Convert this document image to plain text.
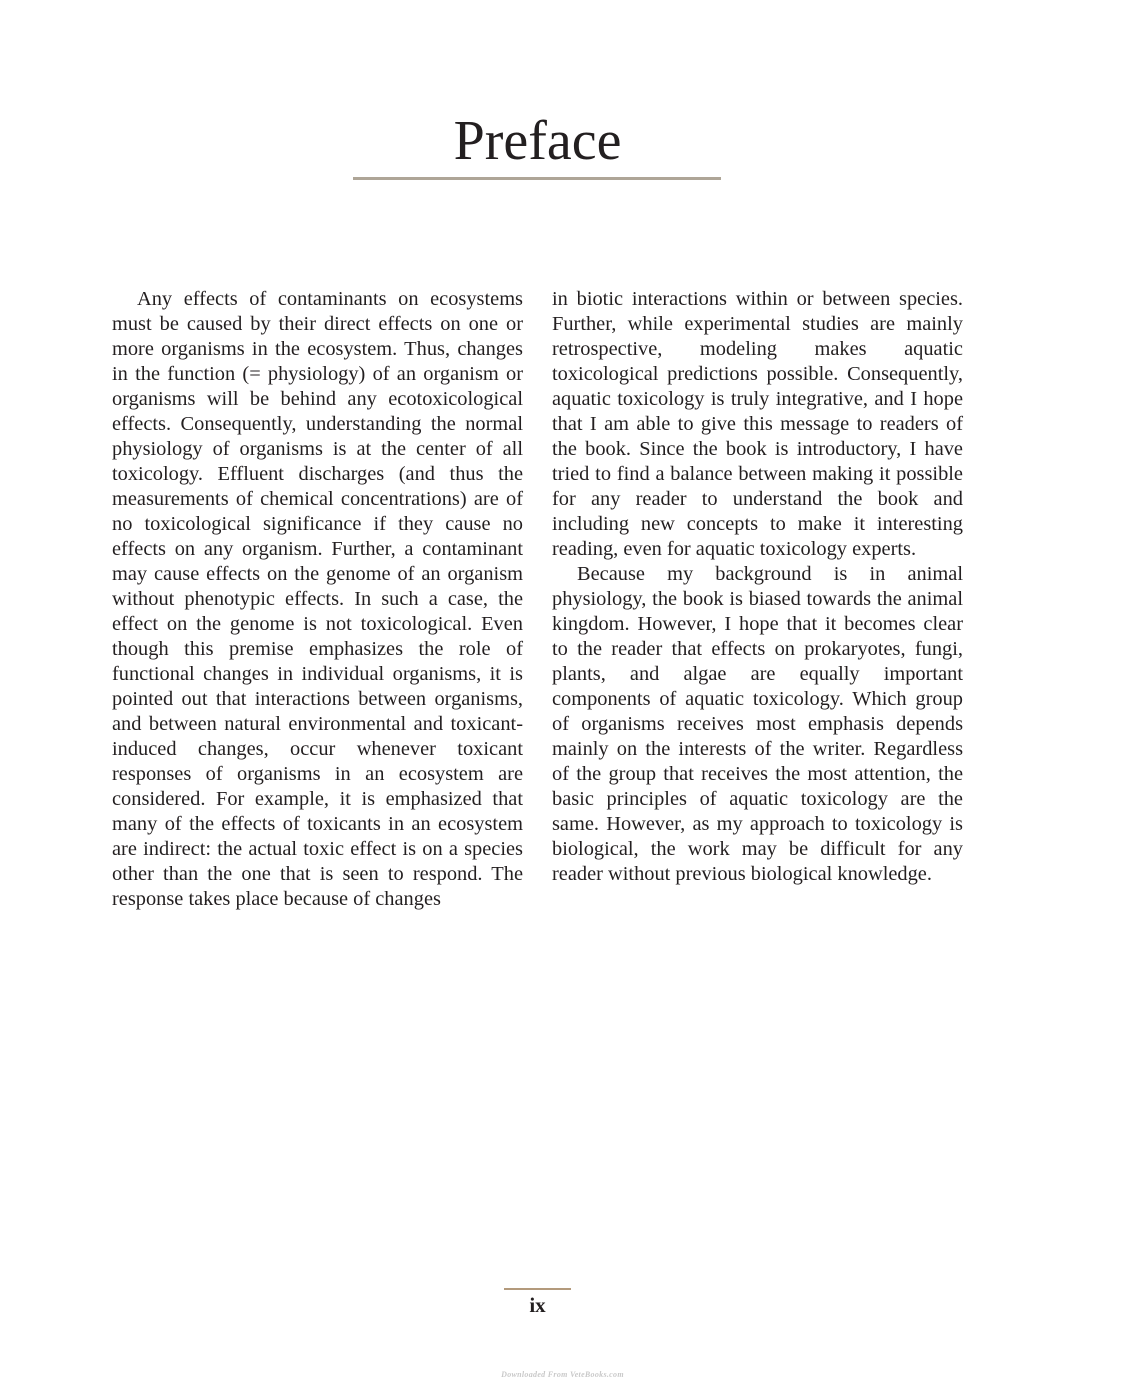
Preface

Any effects of contaminants on ecosystems must be caused by their direct effects on one or more organisms in the ecosystem. Thus, changes in the function (= physiology) of an organism or organisms will be behind any ecotoxicological effects. Consequently, understanding the normal physiology of organisms is at the center of all toxicology. Effluent discharges (and thus the measurements of chemical concentrations) are of no toxicological significance if they cause no effects on any organism. Further, a contaminant may cause effects on the genome of an organism without phenotypic effects. In such a case, the effect on the genome is not toxicological. Even though this premise emphasizes the role of functional changes in individual organisms, it is pointed out that interactions between organisms, and between natural environmental and toxicant-induced changes, occur whenever toxicant responses of organisms in an ecosystem are considered. For example, it is emphasized that many of the effects of toxicants in an ecosystem are indirect: the actual toxic effect is on a species other than the one that is seen to respond. The response takes place because of changes

in biotic interactions within or between species. Further, while experimental studies are mainly retrospective, modeling makes aquatic toxicological predictions possible. Consequently, aquatic toxicology is truly integrative, and I hope that I am able to give this message to readers of the book. Since the book is introductory, I have tried to find a balance between making it possible for any reader to understand the book and including new concepts to make it interesting reading, even for aquatic toxicology experts.

Because my background is in animal physiology, the book is biased towards the animal kingdom. However, I hope that it becomes clear to the reader that effects on prokaryotes, fungi, plants, and algae are equally important components of aquatic toxicology. Which group of organisms receives most emphasis depends mainly on the interests of the writer. Regardless of the group that receives the most attention, the basic principles of aquatic toxicology are the same. However, as my approach to toxicology is biological, the work may be difficult for any reader without previous biological knowledge.

ix
Downloaded From VeteBooks.com
